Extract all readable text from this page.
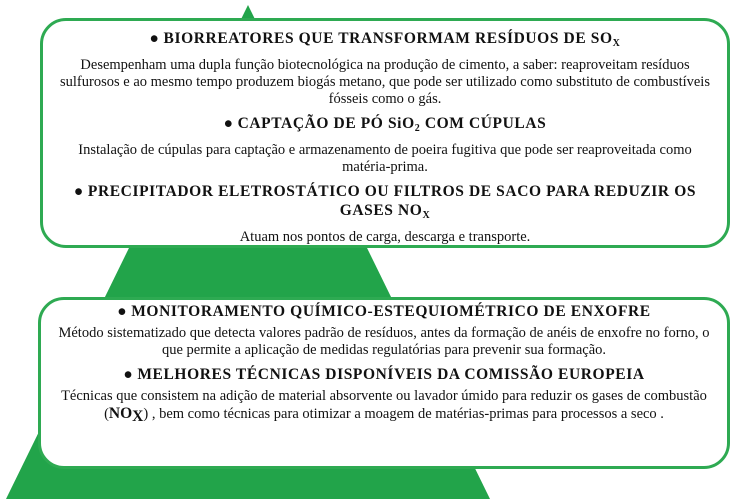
● BIORREATORES QUE TRANSFORMAM RESÍDUOS DE $SO_X$

Desempenham uma dupla função biotecnológica na produção de cimento, a saber: reaproveitam resíduos sulfurosos e ao mesmo tempo produzem biogás metano, que pode ser utilizado como substituto de combustíveis fósseis como o gás.

● CAPTAÇÃO DE PÓ SiO$_2$ COM CÚPULAS

Instalação de cúpulas para captação e armazenamento de poeira fugitiva que pode ser reaproveitada como matéria-prima.

● PRECIPITADOR ELETROSTÁTICO OU FILTROS DE SACO PARA REDUZIR OS GASES $NO_X$

Atuam nos pontos de carga, descarga e transporte.

● MONITORAMENTO QUÍMICO-ESTEQUIOMÉTRICO DE ENXOFRE

Método sistematizado que detecta valores padrão de resíduos, antes da formação de anéis de enxofre no forno, o que permite a aplicação de medidas regulatórias para prevenir sua formação.

● MELHORES TÉCNICAS DISPONÍVEIS DA COMISSÃO EUROPEIA

Técnicas que consistem na adição de material absorvente ou lavador úmido para reduzir os gases de combustão (NOX) , bem como técnicas para otimizar a moagem de matérias-primas para processos a seco .
